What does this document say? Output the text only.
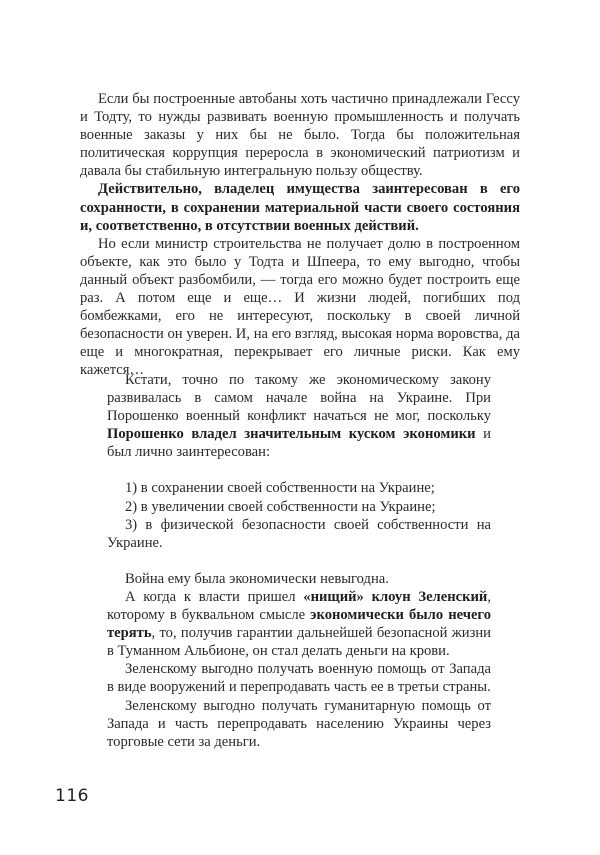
Если бы построенные автобаны хоть частично принадлежали Гессу и Тодту, то нужды развивать военную промышленность и получать военные заказы у них бы не было. Тогда бы положительная политическая коррупция переросла в экономический патриотизм и давала бы стабильную интегральную пользу обществу.

Действительно, владелец имущества заинтересован в его сохранности, в сохранении материальной части своего состояния и, соответственно, в отсутствии военных действий.

Но если министр строительства не получает долю в построенном объекте, как это было у Тодта и Шпеера, то ему выгодно, чтобы данный объект разбомбили, — тогда его можно будет построить еще раз. А потом еще и еще… И жизни людей, погибших под бомбежками, его не интересуют, поскольку в своей личной безопасности он уверен. И, на его взгляд, высокая норма воровства, да еще и многократная, перекрывает его личные риски. Как ему кажется…

Кстати, точно по такому же экономическому закону развивалась в самом начале война на Украине. При Порошенко военный конфликт начаться не мог, поскольку Порошенко владел значительным куском экономики и был лично заинтересован:

1) в сохранении своей собственности на Украине;

2) в увеличении своей собственности на Украине;

3) в физической безопасности своей собственности на Украине.

Война ему была экономически невыгодна.

А когда к власти пришел «нищий» клоун Зеленский, которому в буквальном смысле экономически было нечего терять, то, получив гарантии дальнейшей безопасной жизни в Туманном Альбионе, он стал делать деньги на крови.

Зеленскому выгодно получать военную помощь от Запада в виде вооружений и перепродавать часть ее в третьи страны.

Зеленскому выгодно получать гуманитарную помощь от Запада и часть перепродавать населению Украины через торговые сети за деньги.

116
